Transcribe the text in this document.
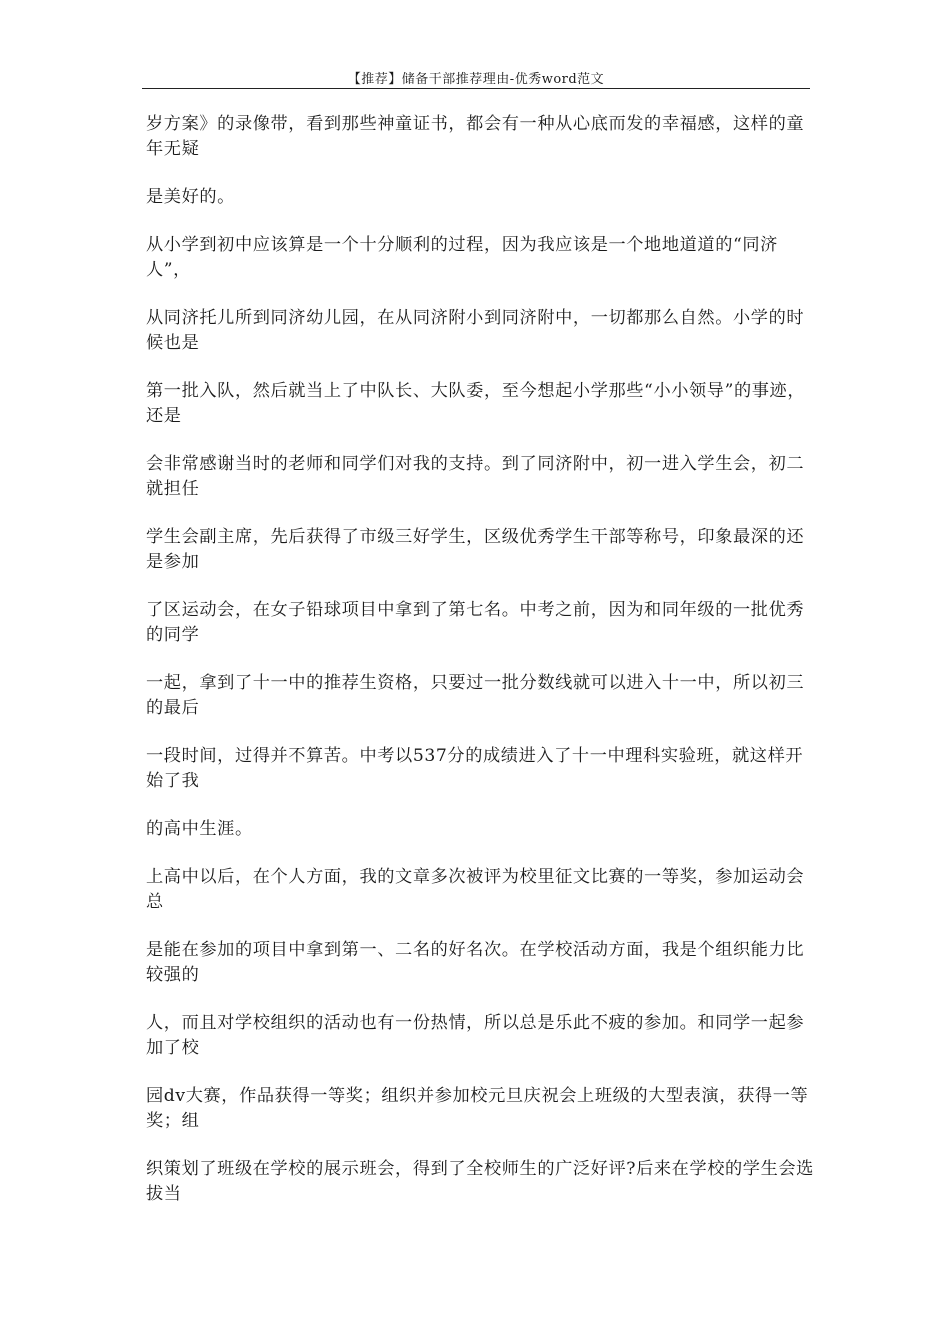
【推荐】储备干部推荐理由-优秀word范文

岁方案》的录像带，看到那些神童证书，都会有一种从心底而发的幸福感，这样的童年无疑

是美好的。

从小学到初中应该算是一个十分顺利的过程，因为我应该是一个地地道道的“同济人”，

从同济托儿所到同济幼儿园，在从同济附小到同济附中，一切都那么自然。小学的时候也是

第一批入队，然后就当上了中队长、大队委，至今想起小学那些“小小领导”的事迹，还是

会非常感谢当时的老师和同学们对我的支持。到了同济附中，初一进入学生会，初二就担任

学生会副主席，先后获得了市级三好学生，区级优秀学生干部等称号，印象最深的还是参加

了区运动会，在女子铅球项目中拿到了第七名。中考之前，因为和同年级的一批优秀的同学

一起，拿到了十一中的推荐生资格，只要过一批分数线就可以进入十一中，所以初三的最后

一段时间，过得并不算苦。中考以537分的成绩进入了十一中理科实验班，就这样开始了我

的高中生涯。

上高中以后，在个人方面，我的文章多次被评为校里征文比赛的一等奖，参加运动会总

是能在参加的项目中拿到第一、二名的好名次。在学校活动方面，我是个组织能力比较强的

人，而且对学校组织的活动也有一份热情，所以总是乐此不疲的参加。和同学一起参加了校

园dv大赛，作品获得一等奖；组织并参加校元旦庆祝会上班级的大型表演，获得一等奖；组

织策划了班级在学校的展示班会，得到了全校师生的广泛好评?后来在学校的学生会选拔当
